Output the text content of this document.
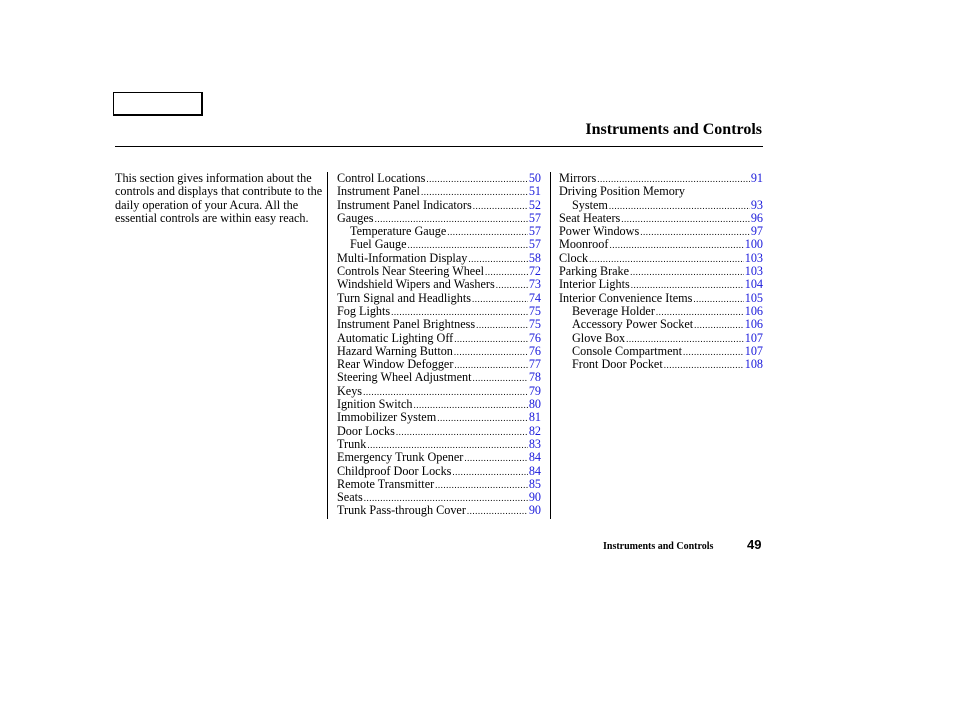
Instruments and Controls

This section gives information about the controls and displays that contribute to the daily operation of your Acura. All the essential controls are within easy reach.

Control Locations .....	50
Instrument Panel .....	51
Instrument Panel Indicators .....	52
Gauges .....	57
Temperature Gauge .....	57
Fuel Gauge .....	57
Multi-Information Display .....	58
Controls Near Steering Wheel .....	72
Windshield Wipers and Washers .....	73
Turn Signal and Headlights .....	74
Fog Lights .....	75
Instrument Panel Brightness .....	75
Automatic Lighting Off .....	76
Hazard Warning Button .....	76
Rear Window Defogger .....	77
Steering Wheel Adjustment .....	78
Keys .....	79
Ignition Switch .....	80
Immobilizer System .....	81
Door Locks .....	82
Trunk .....	83
Emergency Trunk Opener .....	84
Childproof Door Locks .....	84
Remote Transmitter .....	85
Seats .....	90
Trunk Pass-through Cover .....	90
Mirrors .....	91
Driving Position Memory
System .....	93
Seat Heaters .....	96
Power Windows .....	97
Moonroof .....	100
Clock .....	103
Parking Brake .....	103
Interior Lights .....	104
Interior Convenience Items .....	105
Beverage Holder .....	106
Accessory Power Socket .....	106
Glove Box .....	107
Console Compartment .....	107
Front Door Pocket .....	108
Instruments and Controls	49
